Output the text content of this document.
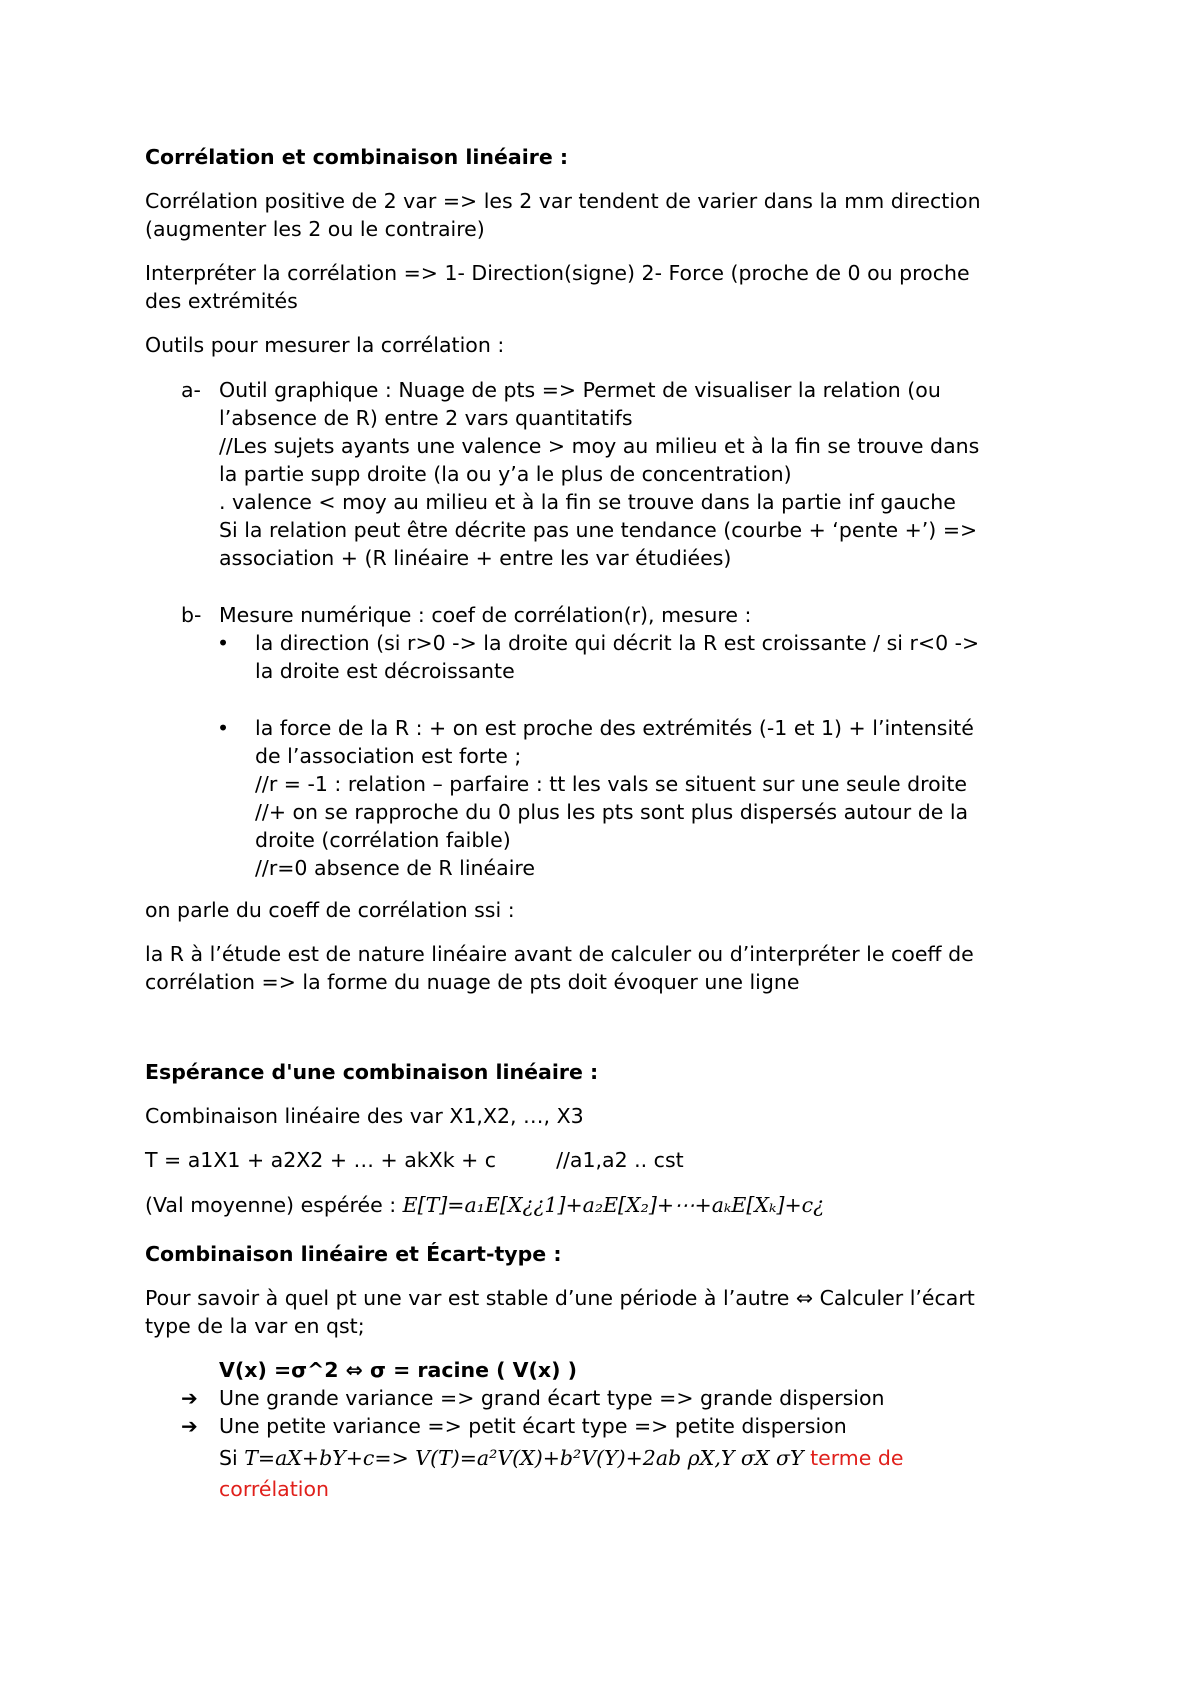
Corrélation et combinaison linéaire :

Corrélation positive de 2 var => les 2 var tendent de varier dans la mm direction

(augmenter les 2 ou le contraire)

Interpréter la corrélation => 1- Direction(signe) 2- Force (proche de 0 ou proche

des extrémités

Outils pour mesurer la corrélation :

a- Outil graphique : Nuage de pts => Permet de visualiser la relation (ou

l’absence de R) entre 2 vars quantitatifs

//Les sujets ayants une valence > moy au milieu et à la fin se trouve dans

la partie supp droite (la ou y’a le plus de concentration)

. valence < moy au milieu et à la fin se trouve dans la partie inf gauche

Si la relation peut être décrite pas une tendance (courbe + ‘pente +’) =>

association + (R linéaire + entre les var étudiées)

b- Mesure numérique : coef de corrélation(r), mesure :

• la direction (si r>0 -> la droite qui décrit la R est croissante / si r<0 ->

la droite est décroissante

• la force de la R : + on est proche des extrémités (-1 et 1) + l’intensité

de l’association est forte ;

//r = -1 : relation – parfaire : tt les vals se situent sur une seule droite

//+ on se rapproche du 0 plus les pts sont plus dispersés autour de la

droite (corrélation faible)

//r=0 absence de R linéaire

on parle du coeff de corrélation ssi :

la R à l’étude est de nature linéaire avant de calculer ou d’interpréter le coeff de

corrélation => la forme du nuage de pts doit évoquer une ligne

Espérance d'une combinaison linéaire :

Combinaison linéaire des var X1,X2, …, X3

T = a1X1 + a2X2 + … + akXk + c	//a1,a2 .. cst

(Val moyenne) espérée : E[T]=a₁E[X¿¿1]+a₂E[X₂]+⋯+aₖE[Xₖ]+c¿

Combinaison linéaire et Écart-type :

Pour savoir à quel pt une var est stable d’une période à l’autre ⇔ Calculer l’écart

type de la var en qst;

V(x) =σ^2 ⇔ σ = racine ( V(x) )

➔ Une grande variance => grand écart type => grande dispersion

➔ Une petite variance => petit écart type => petite dispersion

Si T=aX+bY+c=> V(T)=a²V(X)+b²V(Y)+2ab ρX,Y σX σY terme de

corrélation
